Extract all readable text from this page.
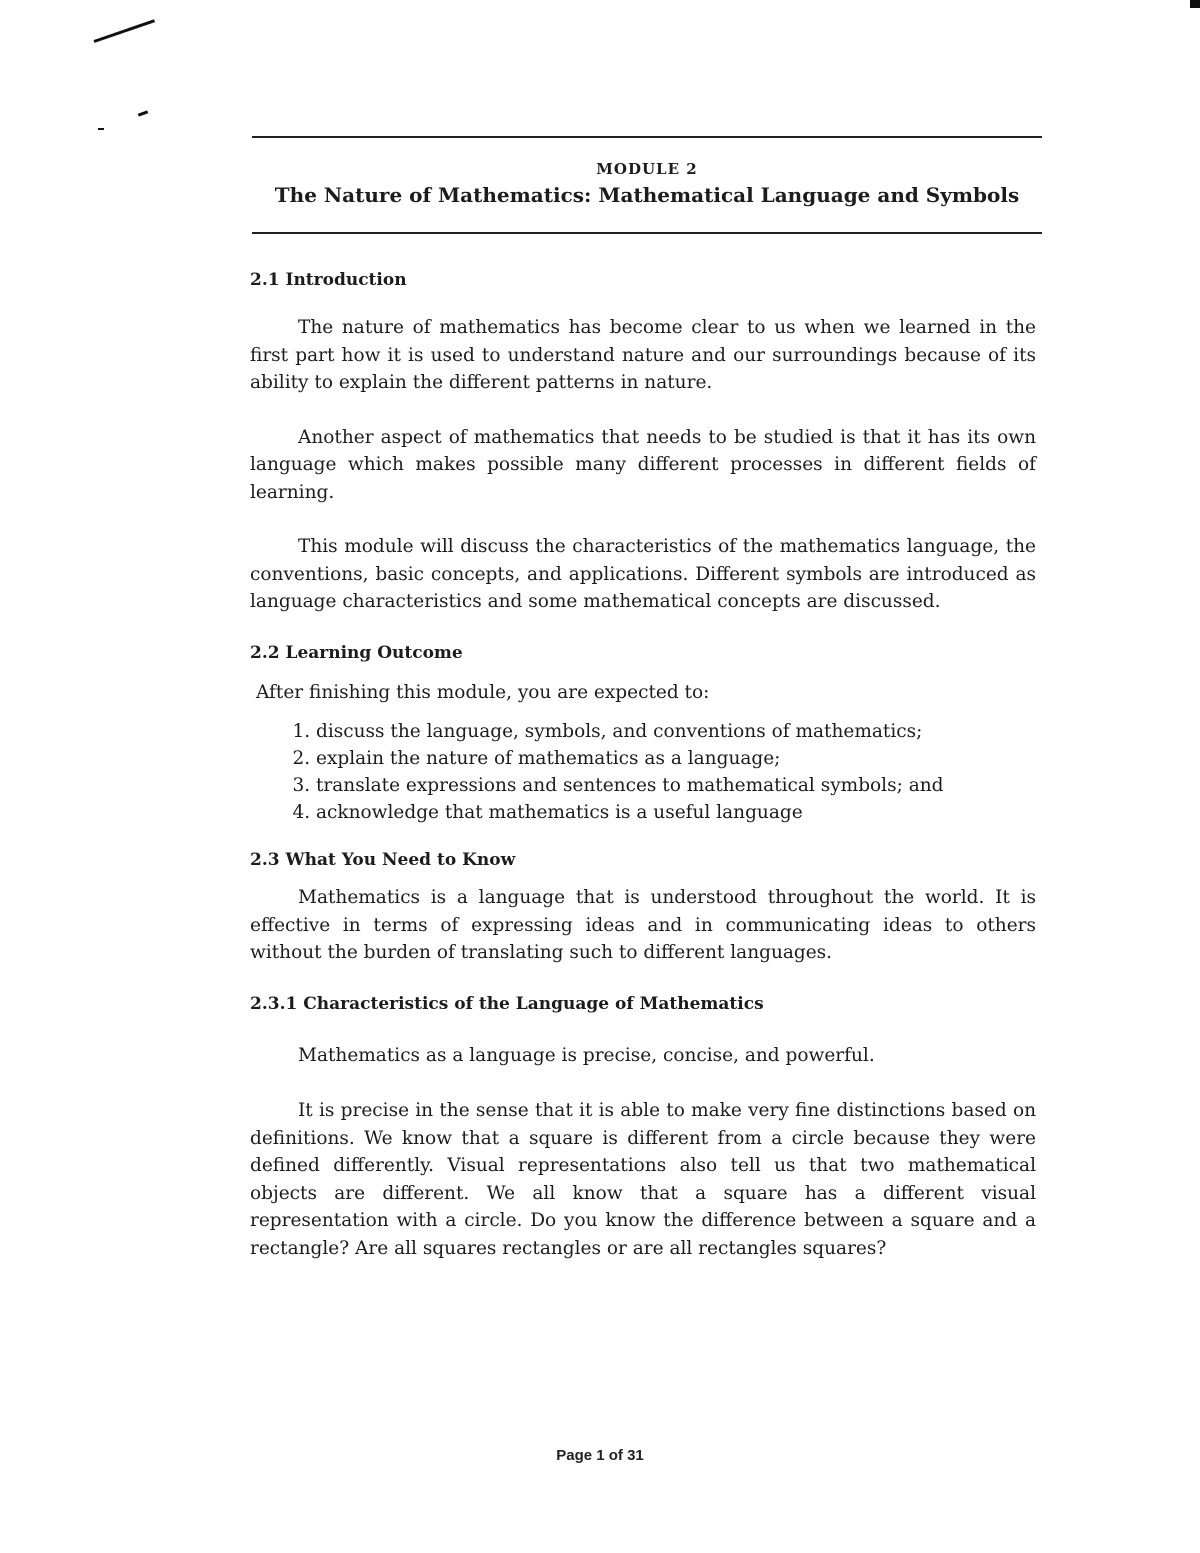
MODULE 2
The Nature of Mathematics: Mathematical Language and Symbols
2.1 Introduction

The nature of mathematics has become clear to us when we learned in the first part how it is used to understand nature and our surroundings because of its ability to explain the different patterns in nature.

Another aspect of mathematics that needs to be studied is that it has its own language which makes possible many different processes in different fields of learning.

This module will discuss the characteristics of the mathematics language, the conventions, basic concepts, and applications. Different symbols are introduced as language characteristics and some mathematical concepts are discussed.

2.2 Learning Outcome

After finishing this module, you are expected to:

1. discuss the language, symbols, and conventions of mathematics;
2. explain the nature of mathematics as a language;
3. translate expressions and sentences to mathematical symbols; and
4. acknowledge that mathematics is a useful language
2.3 What You Need to Know

Mathematics is a language that is understood throughout the world. It is effective in terms of expressing ideas and in communicating ideas to others without the burden of translating such to different languages.

2.3.1 Characteristics of the Language of Mathematics

Mathematics as a language is precise, concise, and powerful.

It is precise in the sense that it is able to make very fine distinctions based on definitions. We know that a square is different from a circle because they were defined differently. Visual representations also tell us that two mathematical objects are different. We all know that a square has a different visual representation with a circle. Do you know the difference between a square and a rectangle? Are all squares rectangles or are all rectangles squares?

Page 1 of 31
